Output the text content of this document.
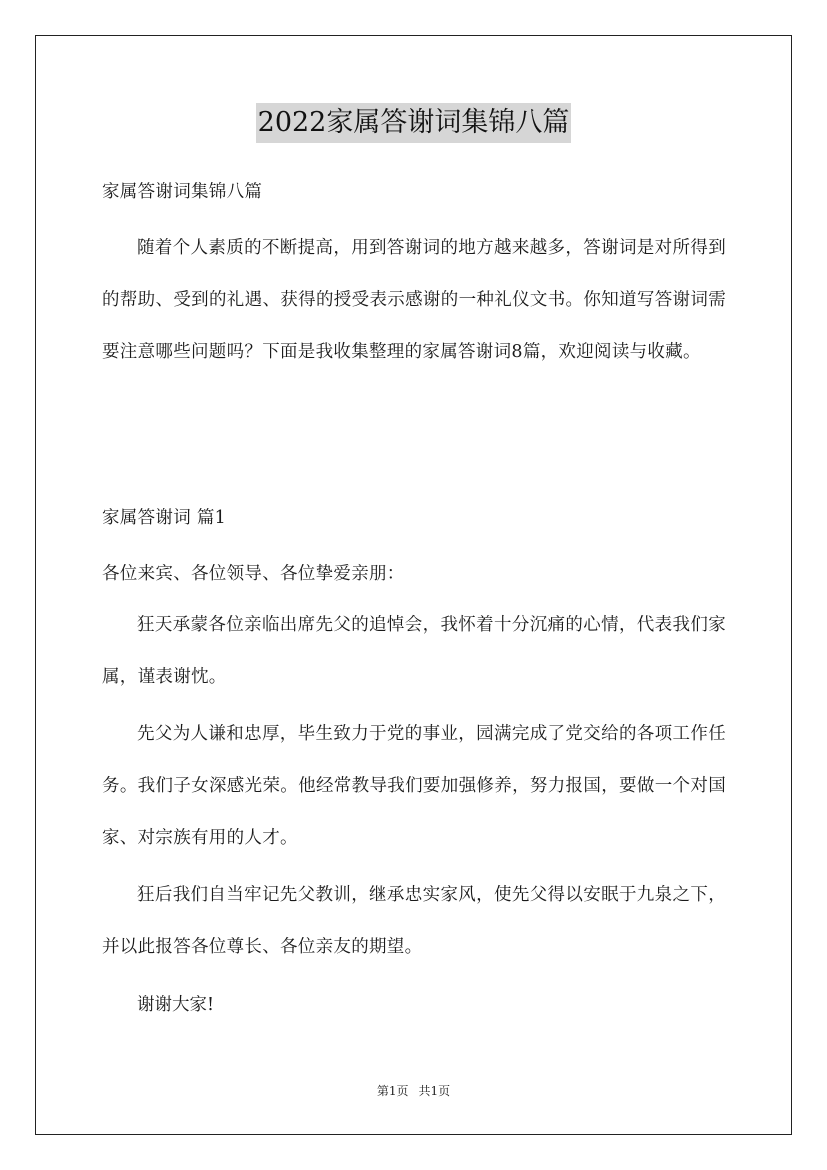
2022家属答谢词集锦八篇

家属答谢词集锦八篇

随着个人素质的不断提高，用到答谢词的地方越来越多，答谢词是对所得到的帮助、受到的礼遇、获得的授受表示感谢的一种礼仪文书。你知道写答谢词需要注意哪些问题吗？下面是我收集整理的家属答谢词8篇，欢迎阅读与收藏。

家属答谢词 篇1

各位来宾、各位领导、各位挚爱亲朋：

狂天承蒙各位亲临出席先父的追悼会，我怀着十分沉痛的心情，代表我们家属，谨表谢忱。

先父为人谦和忠厚，毕生致力于党的事业，园满完成了党交给的各项工作任务。我们子女深感光荣。他经常教导我们要加强修养，努力报国，要做一个对国家、对宗族有用的人才。

狂后我们自当牢记先父教训，继承忠实家风，使先父得以安眠于九泉之下，并以此报答各位尊长、各位亲友的期望。

谢谢大家!

第1页 共1页
